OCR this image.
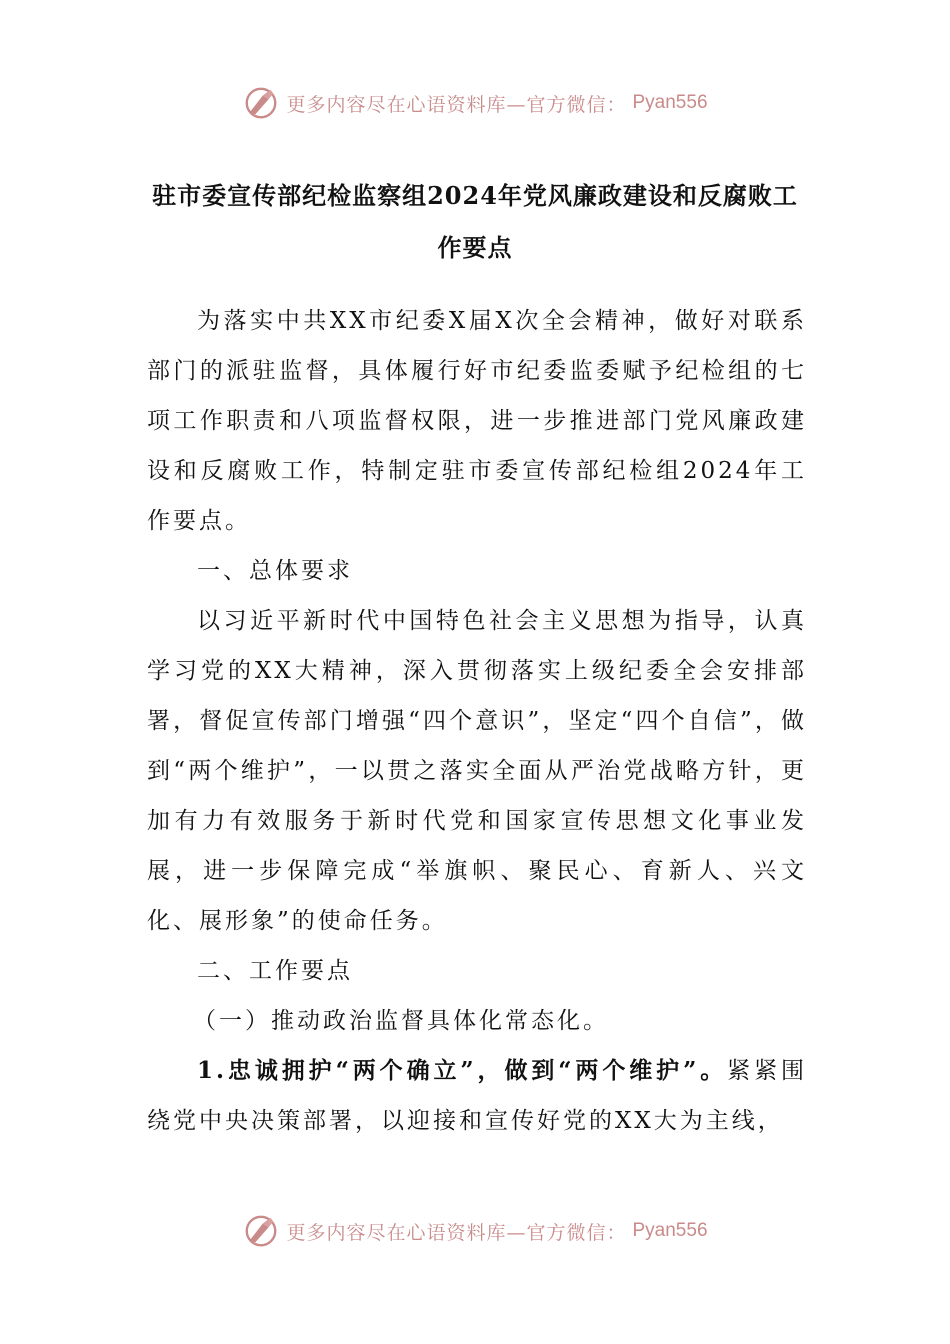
更多内容尽在心语资料库—官方微信： Pyan556
驻市委宣传部纪检监察组2024年党风廉政建设和反腐败工作要点

为落实中共XX市纪委X届X次全会精神，做好对联系部门的派驻监督，具体履行好市纪委监委赋予纪检组的七项工作职责和八项监督权限，进一步推进部门党风廉政建设和反腐败工作，特制定驻市委宣传部纪检组2024年工作要点。

一、总体要求

以习近平新时代中国特色社会主义思想为指导，认真学习党的XX大精神，深入贯彻落实上级纪委全会安排部署，督促宣传部门增强“四个意识”，坚定“四个自信”，做到“两个维护”，一以贯之落实全面从严治党战略方针，更加有力有效服务于新时代党和国家宣传思想文化事业发展，进一步保障完成“举旗帜、聚民心、育新人、兴文化、展形象”的使命任务。

二、工作要点

（一）推动政治监督具体化常态化。

1.忠诚拥护“两个确立”，做到“两个维护”。紧紧围绕党中央决策部署，以迎接和宣传好党的XX大为主线，

更多内容尽在心语资料库—官方微信： Pyan556
